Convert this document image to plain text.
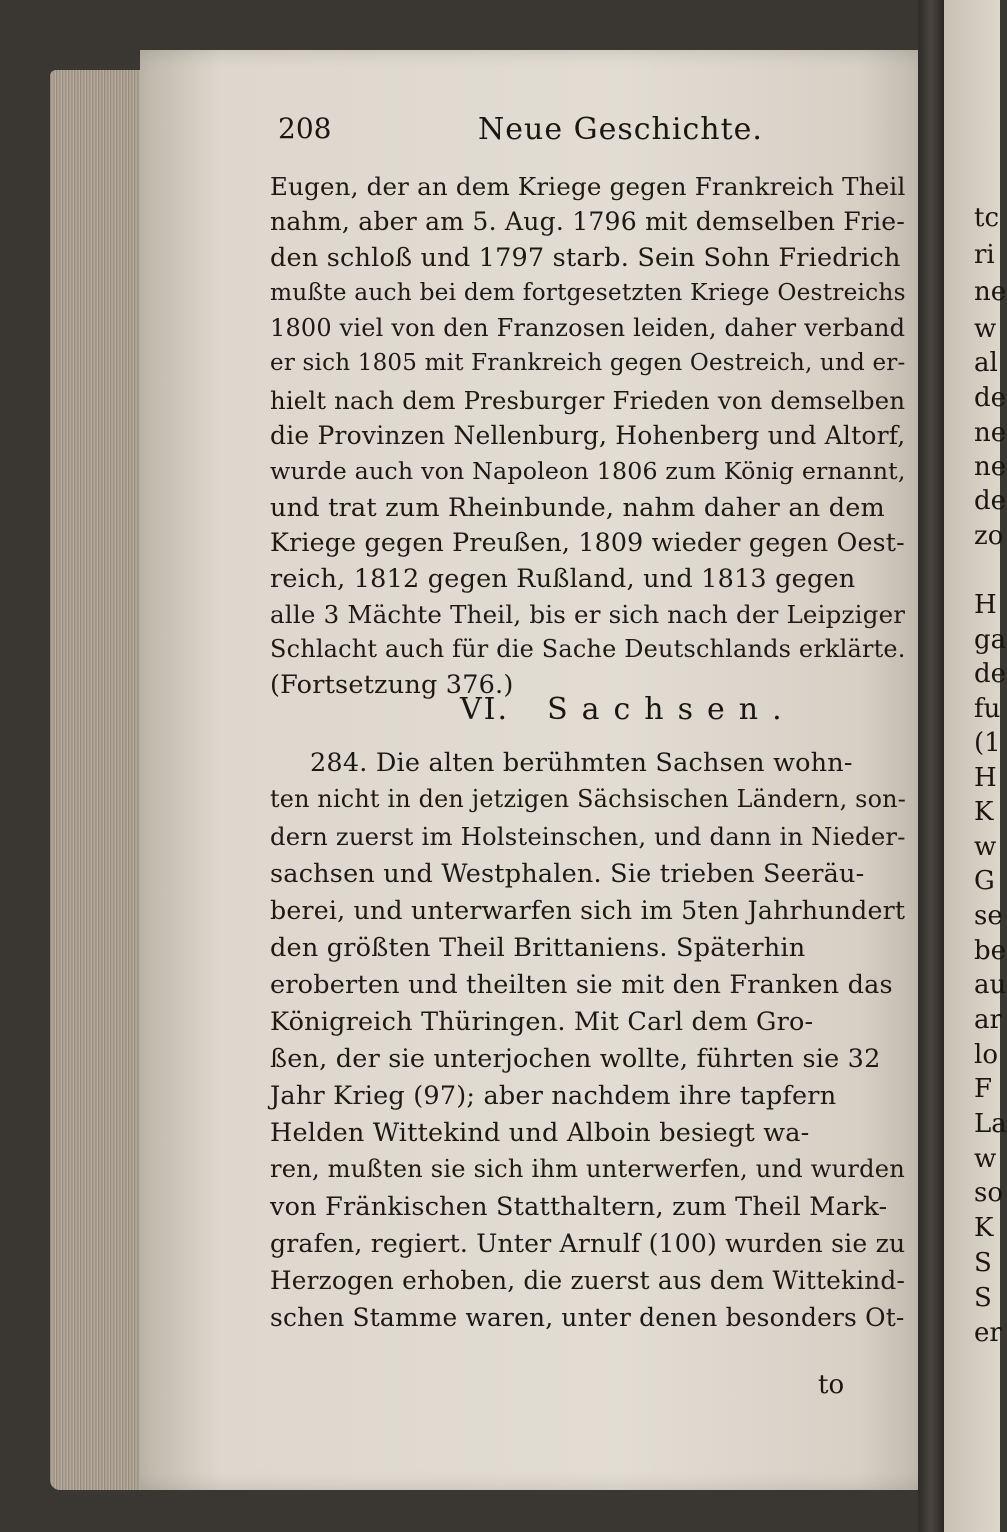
tc
ri
ne
w
al
de
ne
ne
de
zo
H
ga
de
fu
(1
H
K
w
G
se
be
au
ar
lo
F
La
w
so
K
S
S
er
208	Neue Geschichte.
Eugen, der an dem Kriege gegen Frankreich Theil
nahm, aber am 5. Aug. 1796 mit demselben Frie-
den schloß und 1797 starb. Sein Sohn Friedrich
mußte auch bei dem fortgesetzten Kriege Oestreichs
1800 viel von den Franzosen leiden, daher verband
er sich 1805 mit Frankreich gegen Oestreich, und er-
hielt nach dem Presburger Frieden von demselben
die Provinzen Nellenburg, Hohenberg und Altorf,
wurde auch von Napoleon 1806 zum König ernannt,
und trat zum Rheinbunde, nahm daher an dem
Kriege gegen Preußen, 1809 wieder gegen Oest-
reich, 1812 gegen Rußland, und 1813 gegen
alle 3 Mächte Theil, bis er sich nach der Leipziger
Schlacht auch für die Sache Deutschlands erklärte.
(Fortsetzung 376.)
VI. Sachsen.
284. Die alten berühmten Sachsen wohn-
ten nicht in den jetzigen Sächsischen Ländern, son-
dern zuerst im Holsteinschen, und dann in Nieder-
sachsen und Westphalen. Sie trieben Seeräu-
berei, und unterwarfen sich im 5ten Jahrhundert
den größten Theil Brittaniens. Späterhin
eroberten und theilten sie mit den Franken das
Königreich Thüringen. Mit Carl dem Gro-
ßen, der sie unterjochen wollte, führten sie 32
Jahr Krieg (97); aber nachdem ihre tapfern
Helden Wittekind und Alboin besiegt wa-
ren, mußten sie sich ihm unterwerfen, und wurden
von Fränkischen Statthaltern, zum Theil Mark-
grafen, regiert. Unter Arnulf (100) wurden sie zu
Herzogen erhoben, die zuerst aus dem Wittekind-
schen Stamme waren, unter denen besonders Ot-
to
